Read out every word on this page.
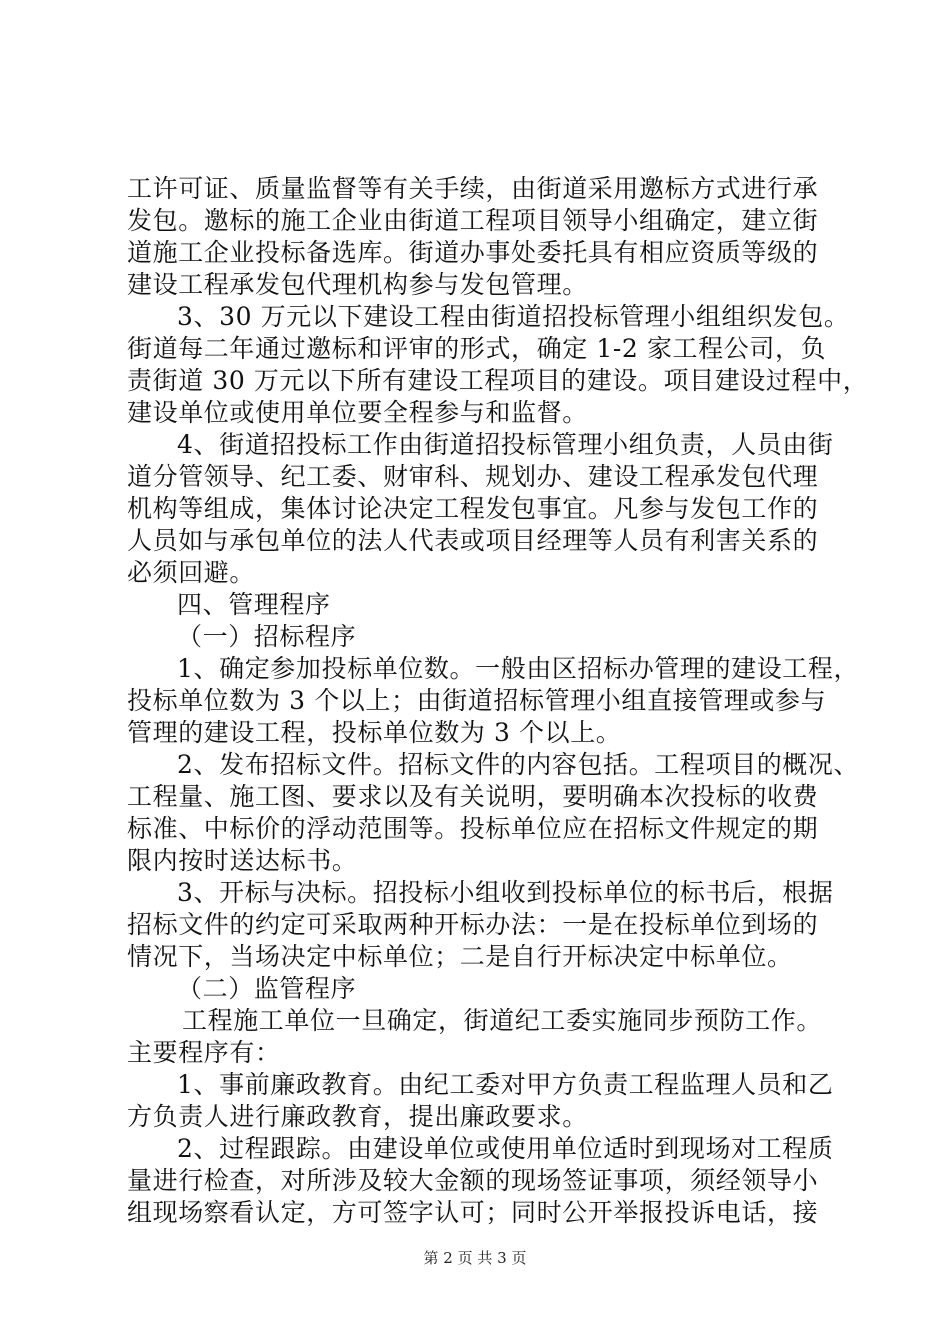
工许可证、质量监督等有关手续，由街道采用邀标方式进行承
发包。邀标的施工企业由街道工程项目领导小组确定，建立街
道施工企业投标备选库。街道办事处委托具有相应资质等级的
建设工程承发包代理机构参与发包管理。
3、30 万元以下建设工程由街道招投标管理小组组织发包。
街道每二年通过邀标和评审的形式，确定 1-2 家工程公司，负
责街道 30 万元以下所有建设工程项目的建设。项目建设过程中，
建设单位或使用单位要全程参与和监督。
4、街道招投标工作由街道招投标管理小组负责，人员由街
道分管领导、纪工委、财审科、规划办、建设工程承发包代理
机构等组成，集体讨论决定工程发包事宜。凡参与发包工作的
人员如与承包单位的法人代表或项目经理等人员有利害关系的
必须回避。
四、管理程序
（一）招标程序
1、确定参加投标单位数。一般由区招标办管理的建设工程，
投标单位数为 3 个以上；由街道招标管理小组直接管理或参与
管理的建设工程，投标单位数为 3 个以上。
2、发布招标文件。招标文件的内容包括。工程项目的概况、
工程量、施工图、要求以及有关说明，要明确本次投标的收费
标准、中标价的浮动范围等。投标单位应在招标文件规定的期
限内按时送达标书。
3、开标与决标。招投标小组收到投标单位的标书后，根据
招标文件的约定可采取两种开标办法：一是在投标单位到场的
情况下，当场决定中标单位；二是自行开标决定中标单位。
（二）监管程序
工程施工单位一旦确定，街道纪工委实施同步预防工作。
主要程序有：
1、事前廉政教育。由纪工委对甲方负责工程监理人员和乙
方负责人进行廉政教育，提出廉政要求。
2、过程跟踪。由建设单位或使用单位适时到现场对工程质
量进行检查，对所涉及较大金额的现场签证事项，须经领导小
组现场察看认定，方可签字认可；同时公开举报投诉电话，接
第 2 页 共 3 页
